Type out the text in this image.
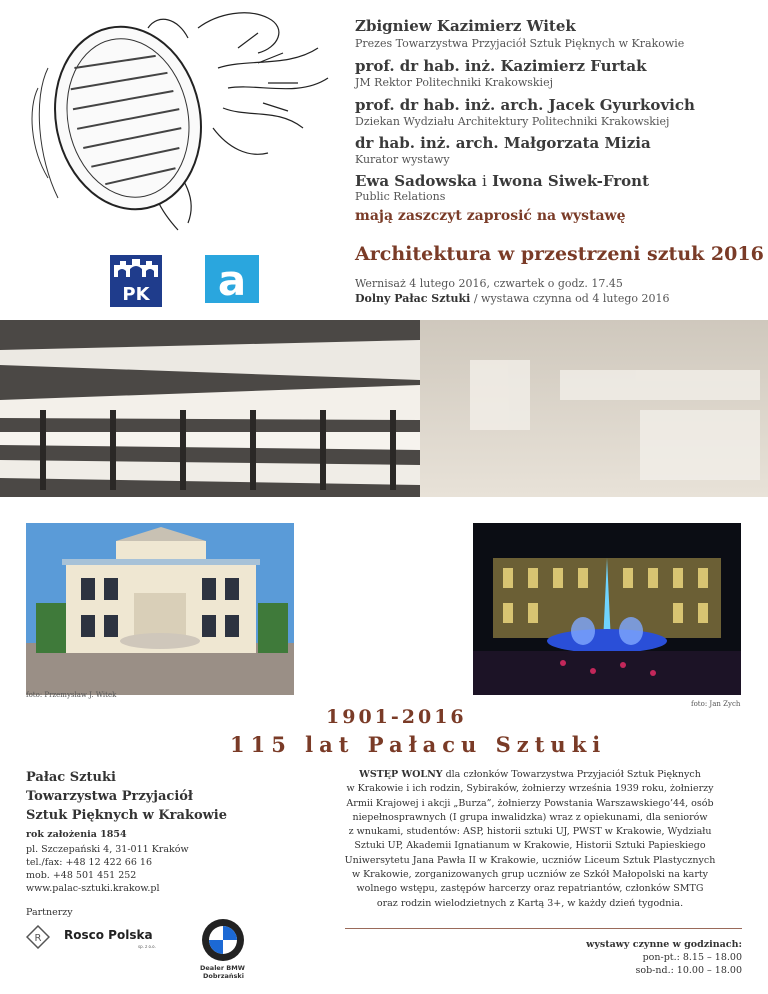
Zbigniew Kazimierz Witek
Prezes Towarzystwa Przyjaciół Sztuk Pięknych w Krakowie
prof. dr hab. inż. Kazimierz Furtak
JM Rektor Politechniki Krakowskiej
prof. dr hab. inż. arch. Jacek Gyurkovich
Dziekan Wydziału Architektury Politechniki Krakowskiej
dr hab. inż. arch. Małgorzata Mizia
Kurator wystawy
Ewa Sadowska i Iwona Siwek-Front
Public Relations
mają zaszczyt zaprosić na wystawę
Architektura w przestrzeni sztuk 2016
Wernisaż 4 lutego 2016, czwartek o godz. 17.45
Dolny Pałac Sztuki / wystawa czynna od 4 lutego 2016
PK a
foto: Przemysław J. Witek
foto: Jan Zych
1901-2016
115 lat Pałacu Sztuki
Pałac Sztuki
Towarzystwa Przyjaciół
Sztuk Pięknych w Krakowie
rok założenia 1854
pl. Szczepański 4, 31-011 Kraków
tel./fax: +48 12 422 66 16
mob. +48 501 451 252
www.palac-sztuki.krakow.pl
Partnerzy
R Rosco Polska
sp. z o.o.
Dealer BMW
Dobrzański
WSTĘP WOLNY dla członków Towarzystwa Przyjaciół Sztuk Pięknych
w Krakowie i ich rodzin, Sybiraków, żołnierzy września 1939 roku, żołnierzy
Armii Krajowej i akcji „Burza”, żołnierzy Powstania Warszawskiego’44, osób
niepełnosprawnych (I grupa inwalidzka) wraz z opiekunami, dla seniorów
z wnukami, studentów: ASP, historii sztuki UJ, PWST w Krakowie, Wydziału
Sztuki UP, Akademii Ignatianum w Krakowie, Historii Sztuki Papieskiego
Uniwersytetu Jana Pawła II w Krakowie, uczniów Liceum Sztuk Plastycznych
w Krakowie, zorganizowanych grup uczniów ze Szkół Małopolski na karty
wolnego wstępu, zastępów harcerzy oraz repatriantów, członków SMTG
oraz rodzin wielodzietnych z Kartą 3+, w każdy dzień tygodnia.
wystawy czynne w godzinach:
pon-pt.: 8.15 – 18.00
sob-nd.: 10.00 – 18.00
